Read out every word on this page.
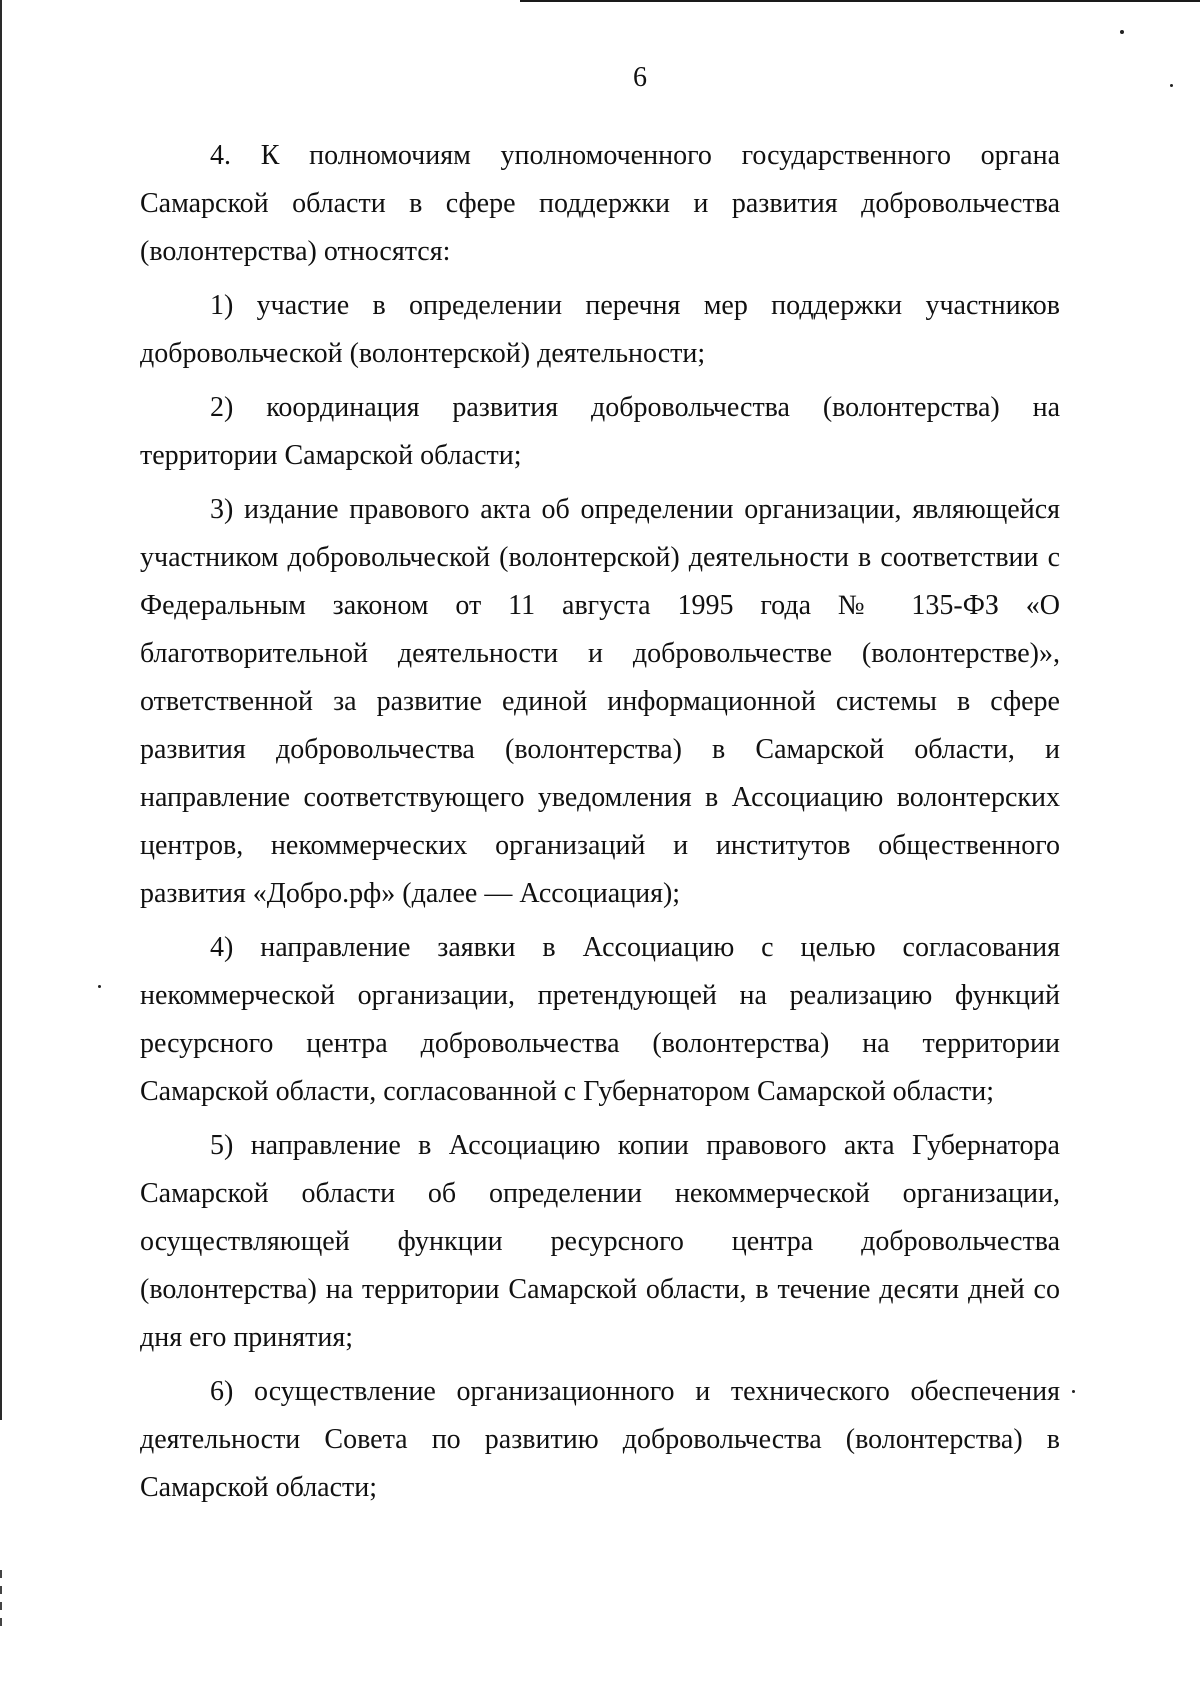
6

4. К полномочиям уполномоченного государственного органа Самарской области в сфере поддержки и развития добровольчества (волонтерства) относятся:

1) участие в определении перечня мер поддержки участников добровольческой (волонтерской) деятельности;

2) координация развития добровольчества (волонтерства) на территории Самарской области;

3) издание правового акта об определении организации, являющейся участником добровольческой (волонтерской) деятельности в соответствии с Федеральным законом от 11 августа 1995 года № 135-ФЗ «О благотворительной деятельности и добровольчестве (волонтерстве)», ответственной за развитие единой информационной системы в сфере развития добровольчества (волонтерства) в Самарской области, и направление соответствующего уведомления в Ассоциацию волонтерских центров, некоммерческих организаций и институтов общественного развития «Добро.рф» (далее — Ассоциация);

4) направление заявки в Ассоциацию с целью согласования некоммерческой организации, претендующей на реализацию функций ресурсного центра добровольчества (волонтерства) на территории Самарской области, согласованной с Губернатором Самарской области;

5) направление в Ассоциацию копии правового акта Губернатора Самарской области об определении некоммерческой организации, осуществляющей функции ресурсного центра добровольчества (волонтерства) на территории Самарской области, в течение десяти дней со дня его принятия;

6) осуществление организационного и технического обеспечения деятельности Совета по развитию добровольчества (волонтерства) в Самарской области;
